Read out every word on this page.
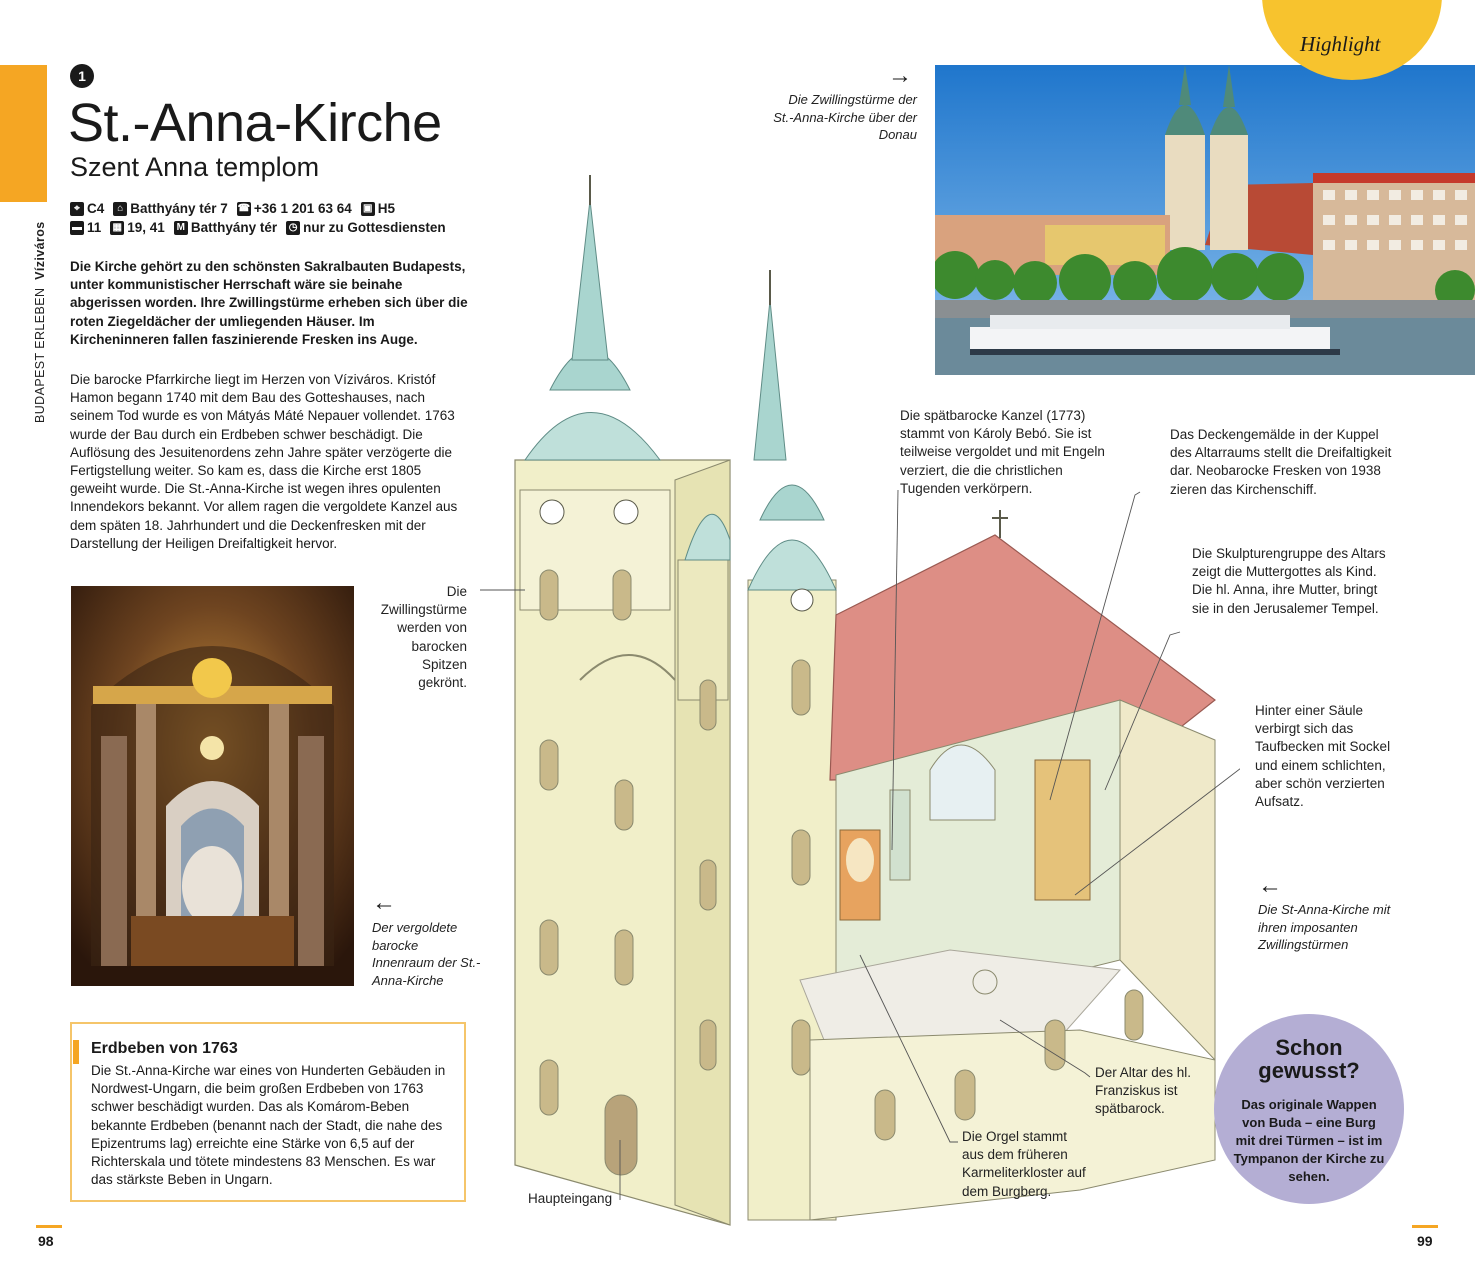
BUDAPEST ERLEBEN  Víziváros
1
St.-Anna-Kirche
Szent Anna templom
⌖ C4	⌂ Batthyány tér 7 ☎ +36 1 201 63 64 ▣ H5
▬ 11 ▦ 19, 41 M Batthyány tér ◷ nur zu Gottesdiensten
Die Kirche gehört zu den schönsten Sakralbauten Budapests, unter kommunistischer Herrschaft wäre sie beinahe abgerissen worden. Ihre Zwillingstürme erheben sich über die roten Ziegeldächer der umliegenden Häuser. Im Kircheninneren fallen faszinierende Fresken ins Auge.
Die barocke Pfarrkirche liegt im Herzen von Víziváros. Kristóf Hamon begann 1740 mit dem Bau des Gotteshauses, nach seinem Tod wurde es von Mátyás Máté Nepauer vollendet. 1763 wurde der Bau durch ein Erdbeben schwer beschädigt. Die Auflösung des Jesuitenordens zehn Jahre später verzögerte die Fertigstellung weiter. So kam es, dass die Kirche erst 1805 geweiht wurde. Die St.-Anna-Kirche ist wegen ihres opulenten Innendekors bekannt. Vor allem ragen die vergoldete Kanzel aus dem späten 18. Jahrhundert und die Deckenfresken mit der Darstellung der Heiligen Dreifaltigkeit hervor.
←
Der vergoldete barocke Innenraum der St.-Anna-Kirche
Erdbeben von 1763
Die St.-Anna-Kirche war eines von Hunderten Gebäuden in Nordwest-Ungarn, die beim großen Erdbeben von 1763 schwer beschädigt wurden. Das als Komárom-Beben bekannte Erdbeben (benannt nach der Stadt, die nahe des Epizentrums lag) erreichte eine Stärke von 6,5 auf der Richterskala und tötete mindestens 83 Menschen. Es war das stärkste Beben in Ungarn.
→
Die Zwillingstürme der St.-Anna-Kirche über der Donau
Die Zwillingstürme werden von barocken Spitzen gekrönt.
Die spätbarocke Kanzel (1773) stammt von Károly Bebó. Sie ist teilweise vergoldet und mit Engeln verziert, die die christlichen Tugenden verkörpern.
Das Deckengemälde in der Kuppel des Altarraums stellt die Dreifaltigkeit dar. Neobarocke Fresken von 1938 zieren das Kirchenschiff.
Die Skulpturengruppe des Altars zeigt die Muttergottes als Kind. Die hl. Anna, ihre Mutter, bringt sie in den Jerusalemer Tempel.
Hinter einer Säule verbirgt sich das Taufbecken mit Sockel und einem schlichten, aber schön verzierten Aufsatz.
Der Altar des hl. Franziskus ist spätbarock.
Die Orgel stammt aus dem früheren Karmeliterkloster auf dem Burgberg.
Haupteingang
←
Die St-Anna-Kirche mit ihren imposanten Zwillingstürmen
Highlight
Schon
gewusst?
Das originale Wappen von Buda – eine Burg mit drei Türmen – ist im Tympanon der Kirche zu sehen.
98	99
